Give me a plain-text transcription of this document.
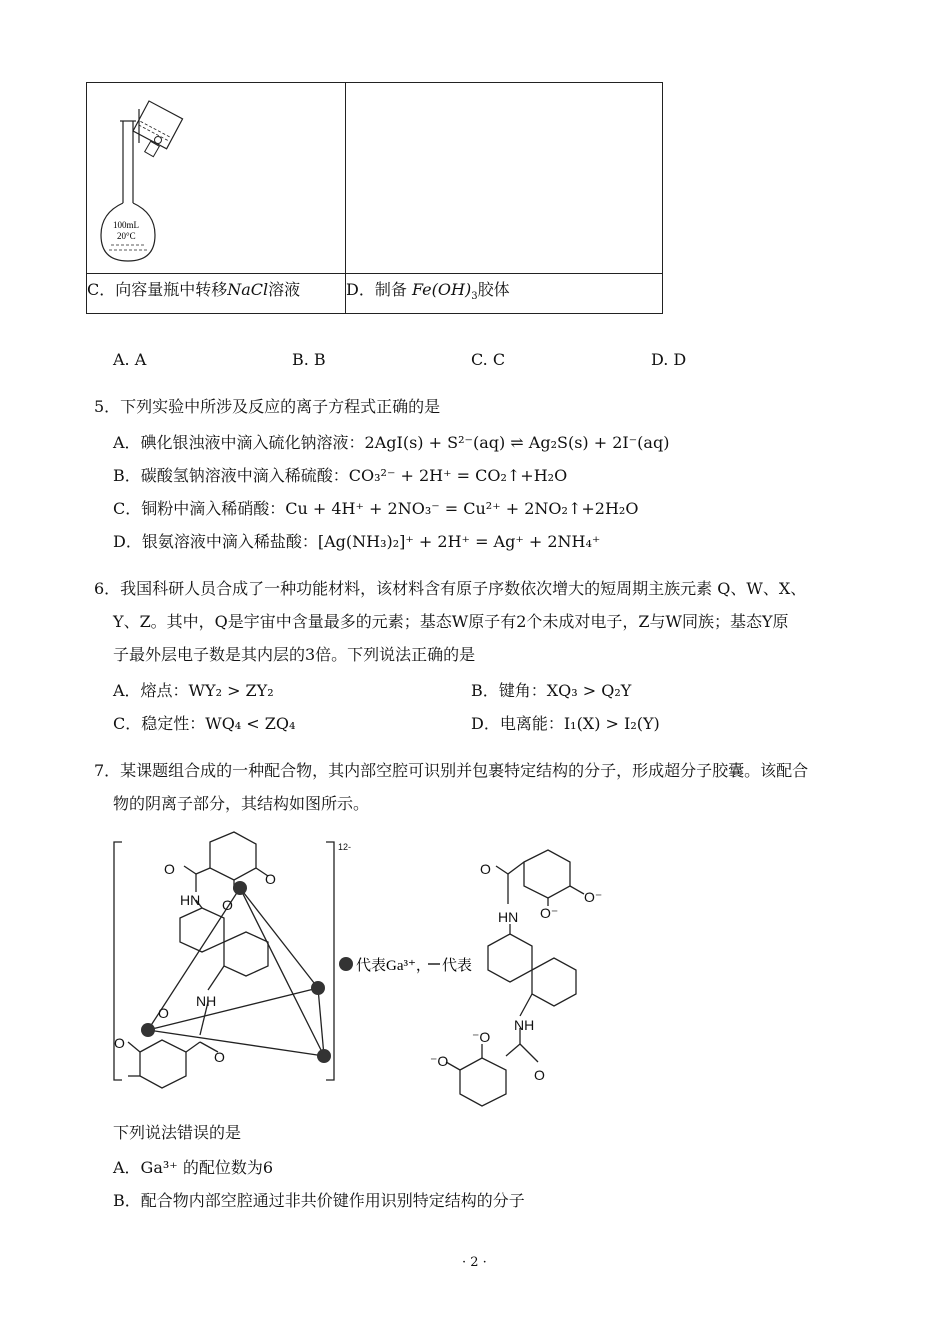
100mL
20°C	

C．向容量瓶中转移NaCl溶液	D．制备 $Fe(OH)_3$胶体
A. A	B. B	C. C	D. D
5．下列实验中所涉及反应的离子方程式正确的是
A．碘化银浊液中滴入硫化钠溶液：2AgI(s) + S²⁻(aq) ⇌ Ag₂S(s) + 2I⁻(aq)
B．碳酸氢钠溶液中滴入稀硫酸：CO₃²⁻ + 2H⁺ = CO₂↑+H₂O
C．铜粉中滴入稀硝酸：Cu + 4H⁺ + 2NO₃⁻ = Cu²⁺ + 2NO₂↑+2H₂O
D．银氨溶液中滴入稀盐酸：[Ag(NH₃)₂]⁺ + 2H⁺ = Ag⁺ + 2NH₄⁺
6．我国科研人员合成了一种功能材料，该材料含有原子序数依次增大的短周期主族元素 Q、W、X、
Y、Z。其中，Q是宇宙中含量最多的元素；基态W原子有2个未成对电子，Z与W同族；基态Y原
子最外层电子数是其内层的3倍。下列说法正确的是
A．熔点：WY₂ > ZY₂	B．键角：XQ₃ > Q₂Y
C．稳定性：WQ₄ < ZQ₄	D．电离能：I₁(X) > I₂(Y)
7．某课题组合成的一种配合物，其内部空腔可识别并包裹特定结构的分子，形成超分子胶囊。该配合
物的阴离子部分，其结构如图所示。
12-
O
O
O
HN
NH
O
O
O
代表Ga³⁺， 代表
O
O⁻
O⁻
HN
NH
O
⁻O
⁻O
下列说法错误的是
A．Ga³⁺ 的配位数为6
B．配合物内部空腔通过非共价键作用识别特定结构的分子
· 2 ·
